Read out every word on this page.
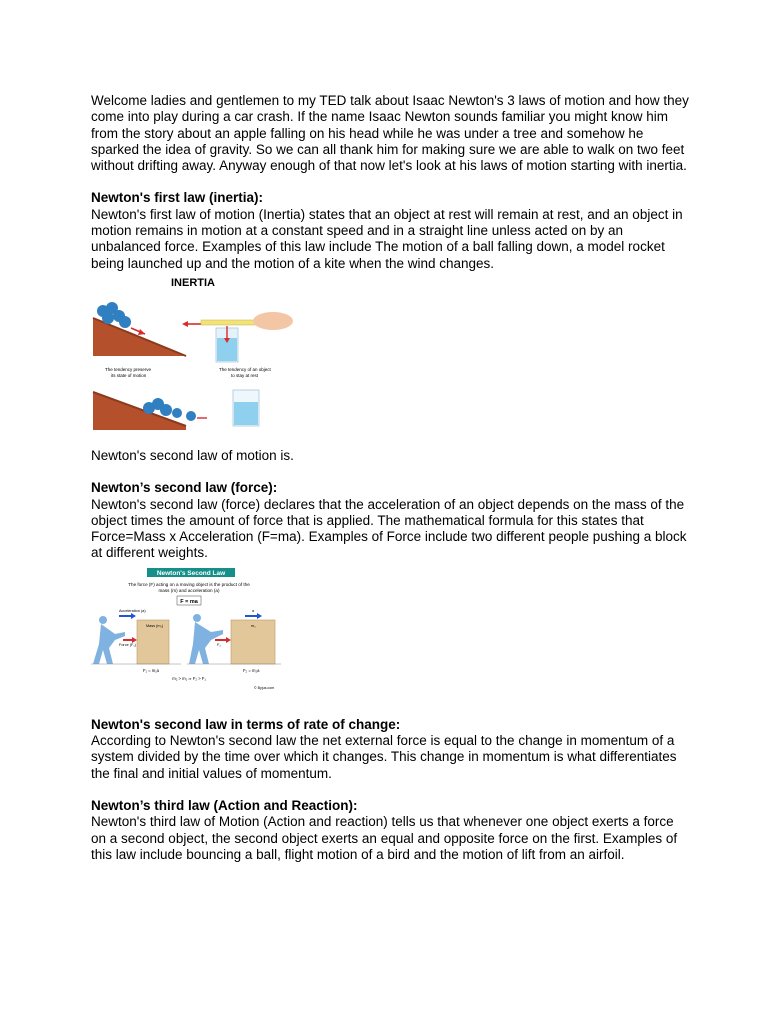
Welcome ladies and gentlemen to my TED talk about Isaac Newton's 3 laws of motion and how they come into play during a car crash. If the name Isaac Newton sounds familiar you might know him from the story about an apple falling on his head while he was under a tree and somehow he sparked the idea of gravity. So we can all thank him for making sure we are able to walk on two feet without drifting away. Anyway enough of that now let's look at his laws of motion starting with inertia.

Newton's first law (inertia):

Newton's first law of motion (Inertia) states that an object at rest will remain at rest, and an object in motion remains in motion at a constant speed and in a straight line unless acted on by an unbalanced force. Examples of this law include The motion of a ball falling down, a model rocket being launched up and the motion of a kite when the wind changes.

INERTIA
The tendency preserve
its state of motion
The tendency of an object
to stay at rest

Newton's second law of motion is.

Newton’s second law (force):

Newton's second law (force) declares that the acceleration of an object depends on the mass of the object times the amount of force that is applied. The mathematical formula for this states that Force=Mass x Acceleration (F=ma). Examples of Force include two different people pushing a block at different weights.

Newton's Second Law
The force (F) acting on a moving object is the product of the
mass (m) and acceleration (a)
F = ma
Acceleration (a)
Mass (m₁)
Force (F₁)
F₁ = m₁a
a
m₂
F₂
F₂ = m₂a
m₂ > m₁ ⇒ F₂ > F₁
© Byjus.com

Newton's second law in terms of rate of change:

According to Newton's second law the net external force is equal to the change in momentum of a system divided by the time over which it changes. This change in momentum is what differentiates the final and initial values of momentum.

Newton’s third law (Action and Reaction):

Newton's third law of Motion (Action and reaction) tells us that whenever one object exerts a force on a second object, the second object exerts an equal and opposite force on the first. Examples of this law include bouncing a ball, flight motion of a bird and the motion of lift from an airfoil.
